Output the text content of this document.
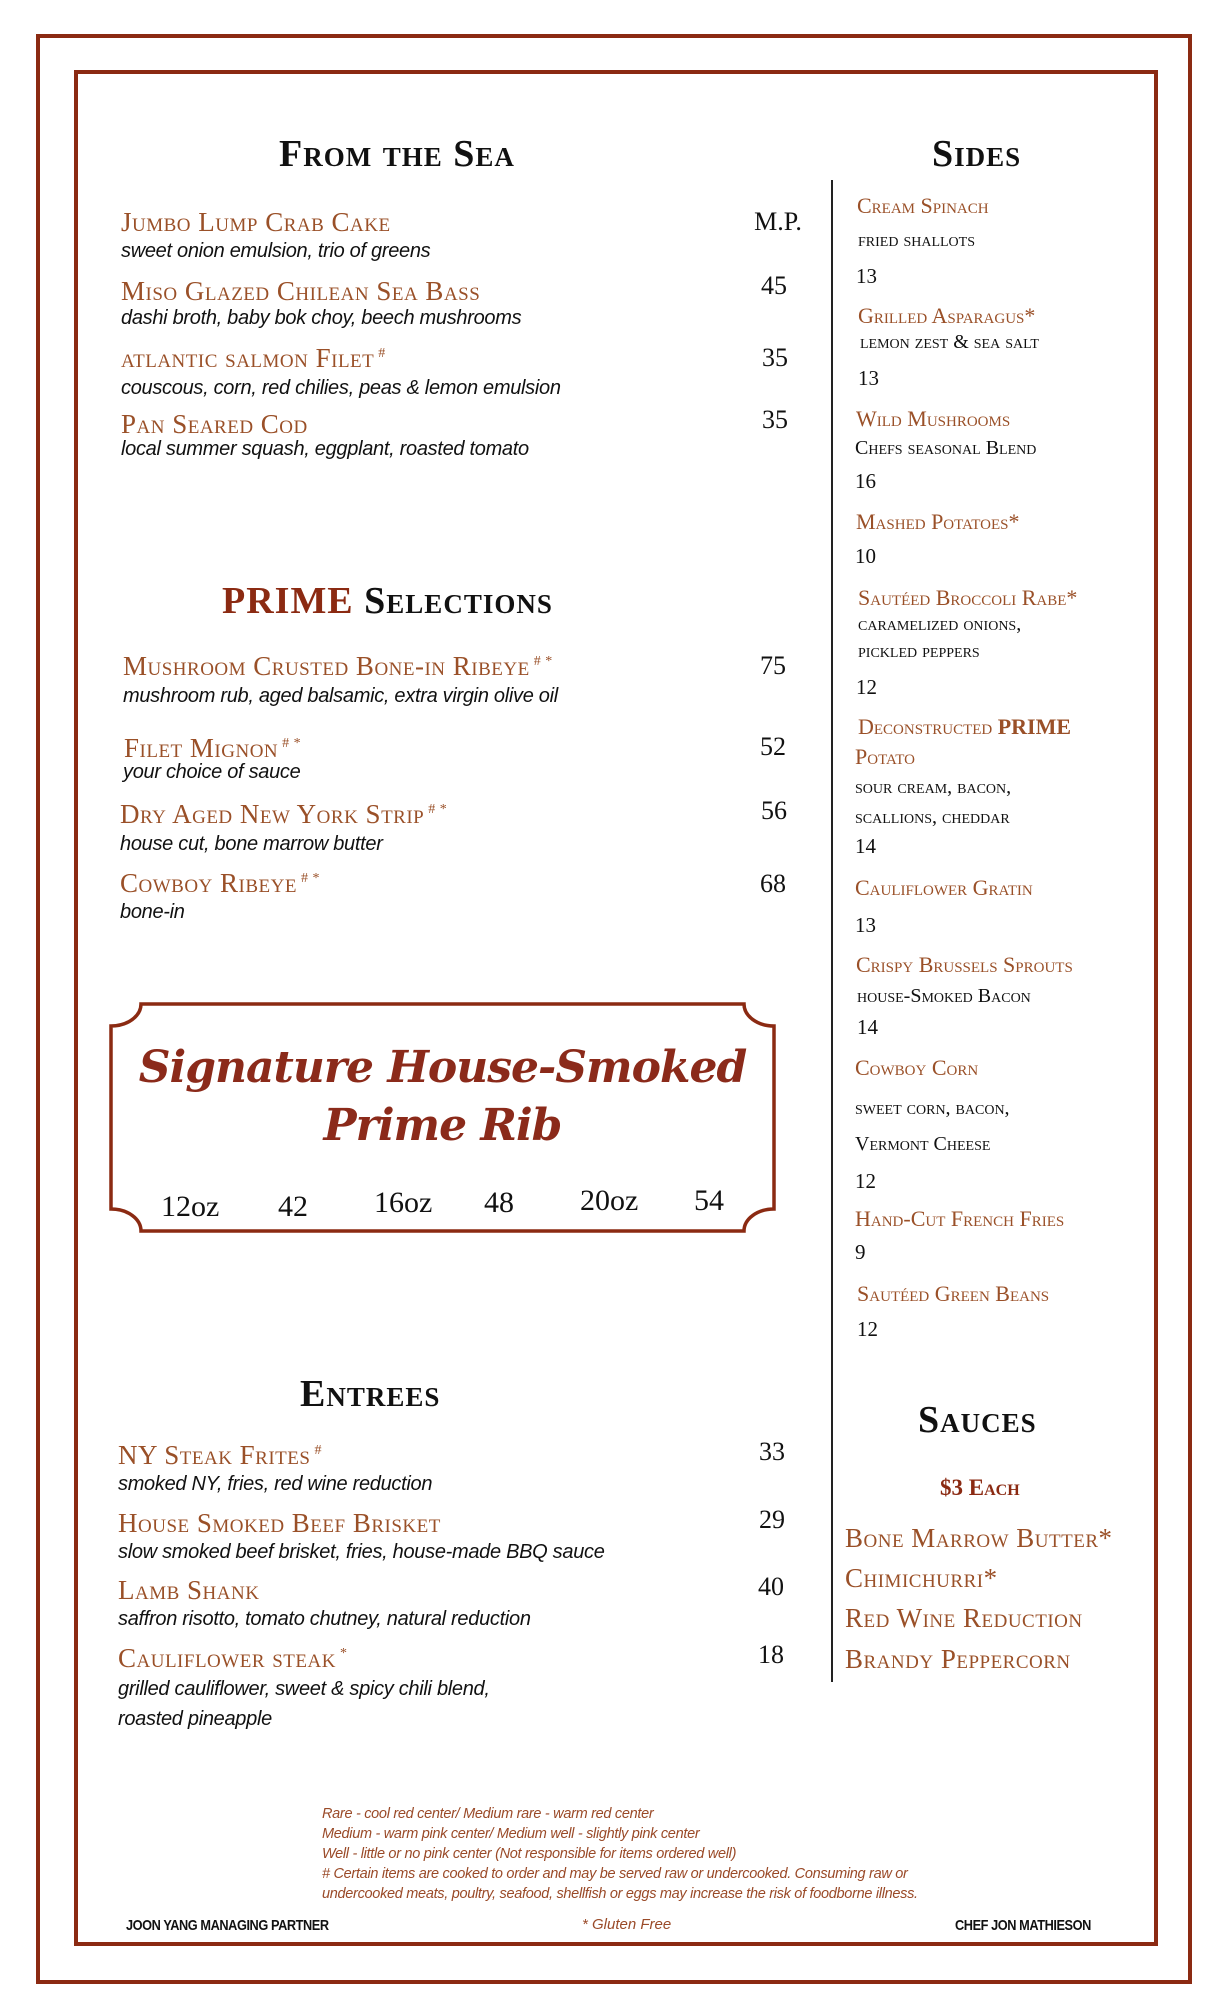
From the Sea
Jumbo Lump Crab Cake
sweet onion emulsion, trio of greens
M.P.
Miso Glazed Chilean Sea Bass
dashi broth, baby bok choy, beech mushrooms
45
atlantic salmon Filet #
couscous, corn, red chilies, peas & lemon emulsion
35
Pan Seared Cod
local summer squash, eggplant, roasted tomato
35
PRIME Selections
Mushroom Crusted Bone-in Ribeye # *
mushroom rub, aged balsamic, extra virgin olive oil
75
Filet Mignon # *
your choice of sauce
52
Dry Aged New York Strip # *
house cut, bone marrow butter
56
Cowboy Ribeye # *
bone-in
68
Signature House-Smoked
Prime Rib
12oz 42 16oz 48 20oz 54
Entrees
NY Steak Frites #
smoked NY, fries, red wine reduction
33
House Smoked Beef Brisket
slow smoked beef brisket, fries, house-made BBQ sauce
29
Lamb Shank
saffron risotto, tomato chutney, natural reduction
40
Cauliflower steak *
grilled cauliflower, sweet & spicy chili blend,
roasted pineapple
18
Sides
Cream Spinach
fried shallots
13
Grilled Asparagus*
lemon zest & sea salt
13
Wild Mushrooms
Chefs seasonal Blend
16
Mashed Potatoes*
10
Sautéed Broccoli Rabe*
caramelized onions,
pickled peppers
12
Deconstructed PRIME
Potato
sour cream, bacon,
scallions, cheddar
14
Cauliflower Gratin
13
Crispy Brussels Sprouts
house-Smoked Bacon
14
Cowboy Corn
sweet corn, bacon,
Vermont Cheese
12
Hand-Cut French Fries
9
Sautéed Green Beans
12
Sauces
$3 Each
Bone Marrow Butter*
Chimichurri*
Red Wine Reduction
Brandy Peppercorn
Rare - cool red center/ Medium rare - warm red center
Medium - warm pink center/ Medium well - slightly pink center
Well - little or no pink center (Not responsible for items ordered well)
# Certain items are cooked to order and may be served raw or undercooked. Consuming raw or
undercooked meats, poultry, seafood, shellfish or eggs may increase the risk of foodborne illness.
JOON YANG MANAGING PARTNER	* Gluten Free	CHEF JON MATHIESON
